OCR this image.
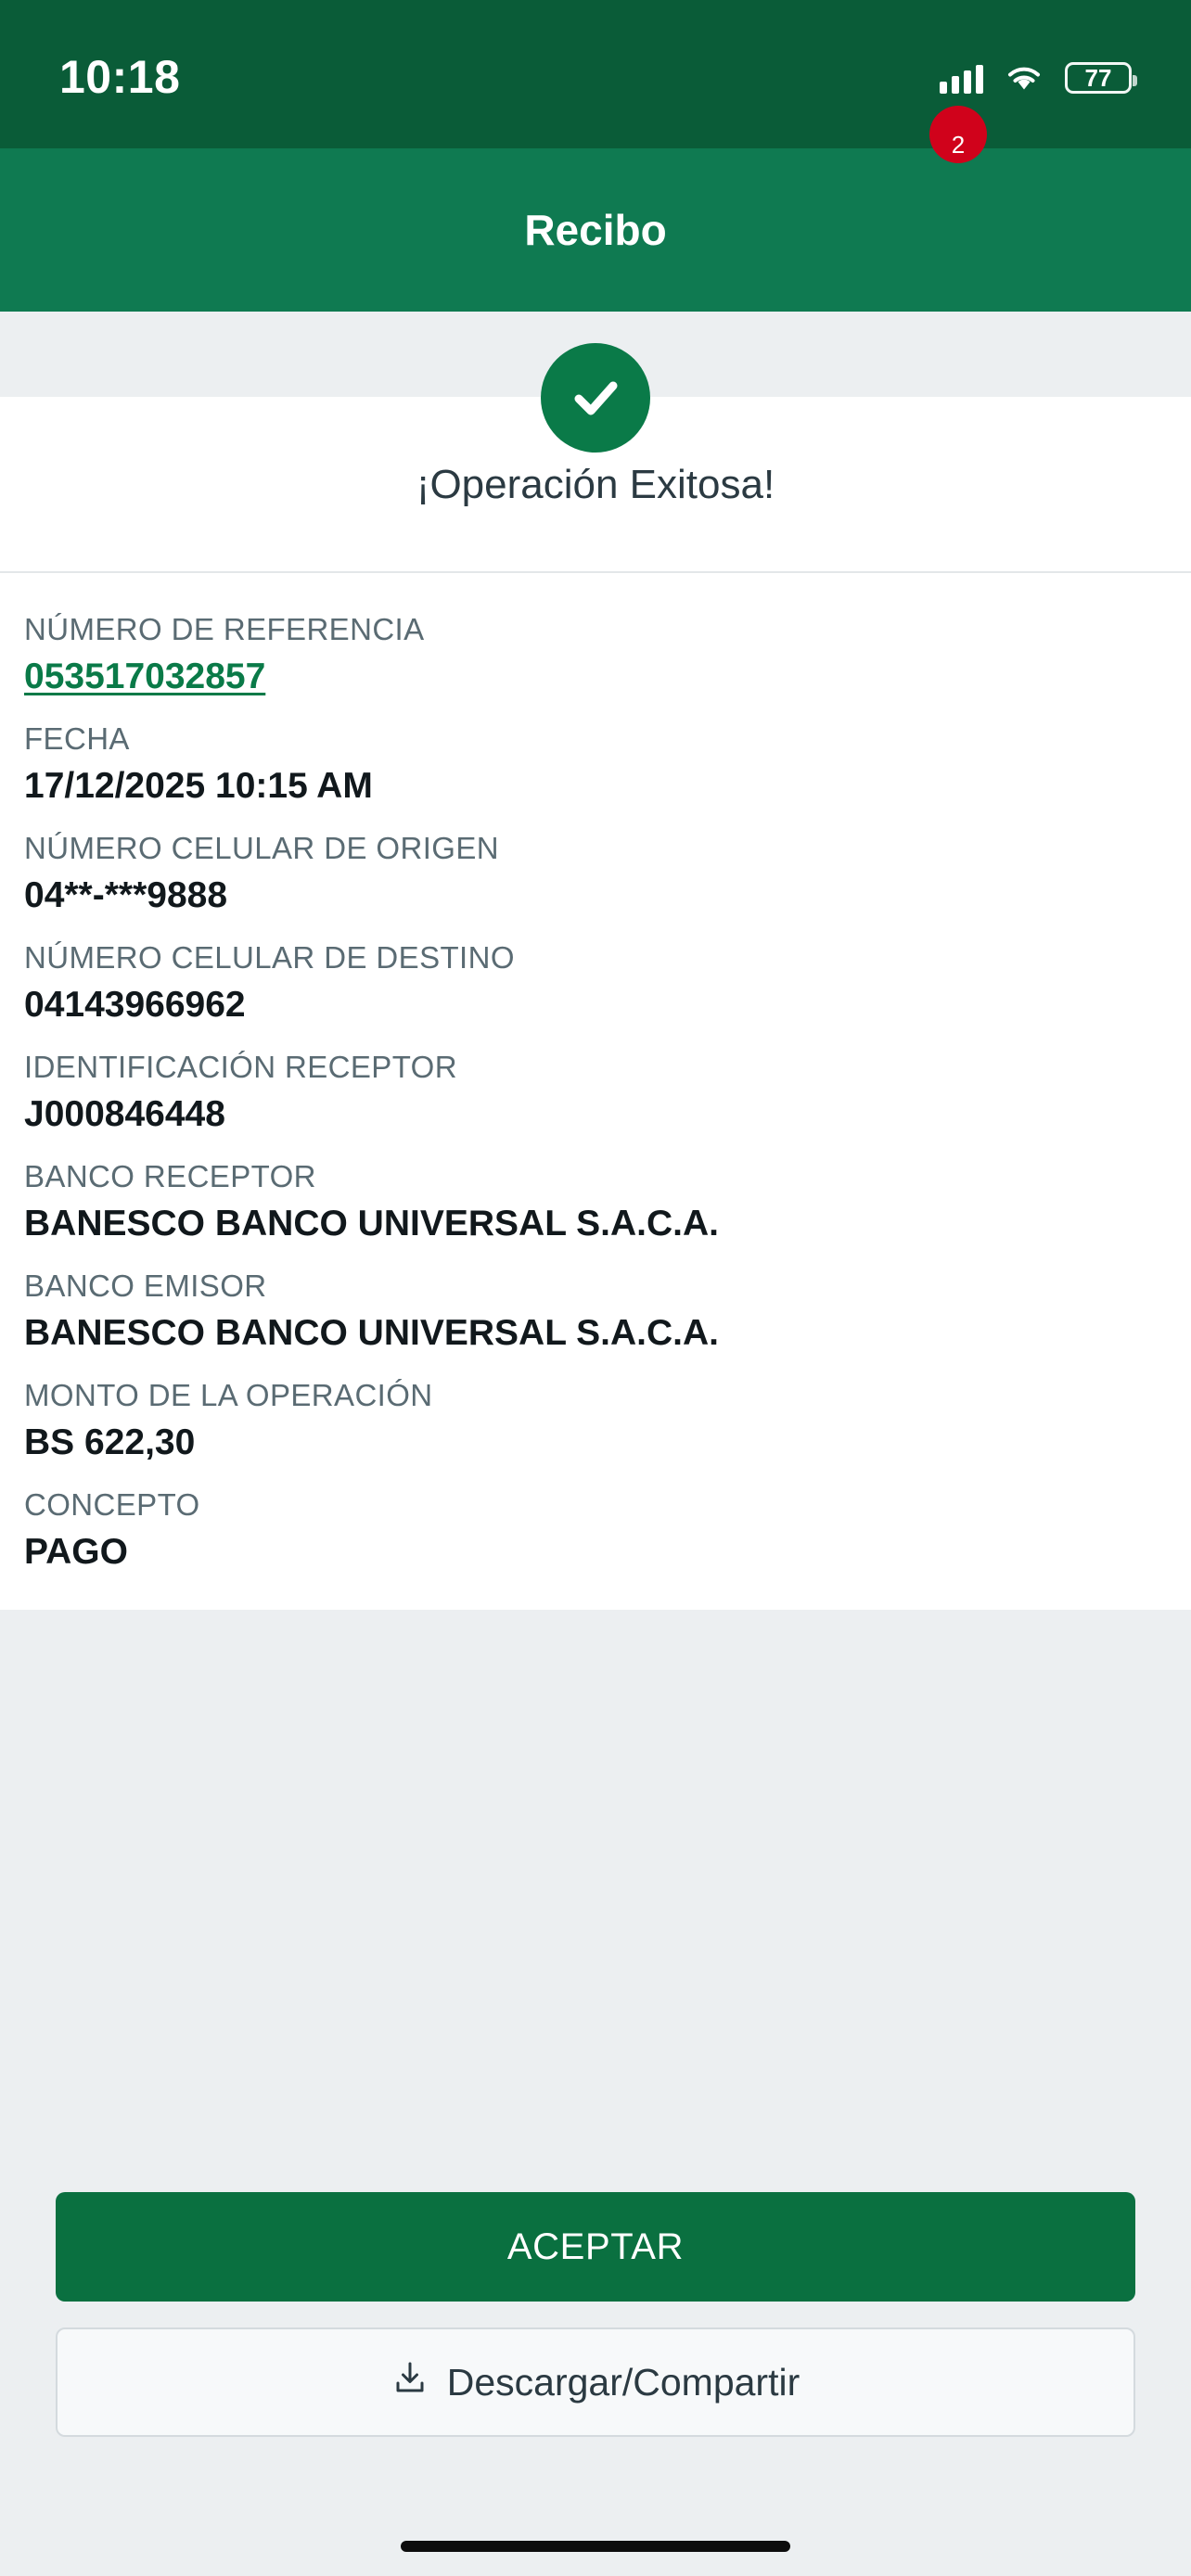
10:18	77
2
Recibo
¡Operación Exitosa!
NÚMERO DE REFERENCIA
053517032857
FECHA
17/12/2025 10:15 AM
NÚMERO CELULAR DE ORIGEN
04**-***9888
NÚMERO CELULAR DE DESTINO
04143966962
IDENTIFICACIÓN RECEPTOR
J000846448
BANCO RECEPTOR
BANESCO BANCO UNIVERSAL S.A.C.A.
BANCO EMISOR
BANESCO BANCO UNIVERSAL S.A.C.A.
MONTO DE LA OPERACIÓN
BS 622,30
CONCEPTO
PAGO
ACEPTAR
Descargar/Compartir
